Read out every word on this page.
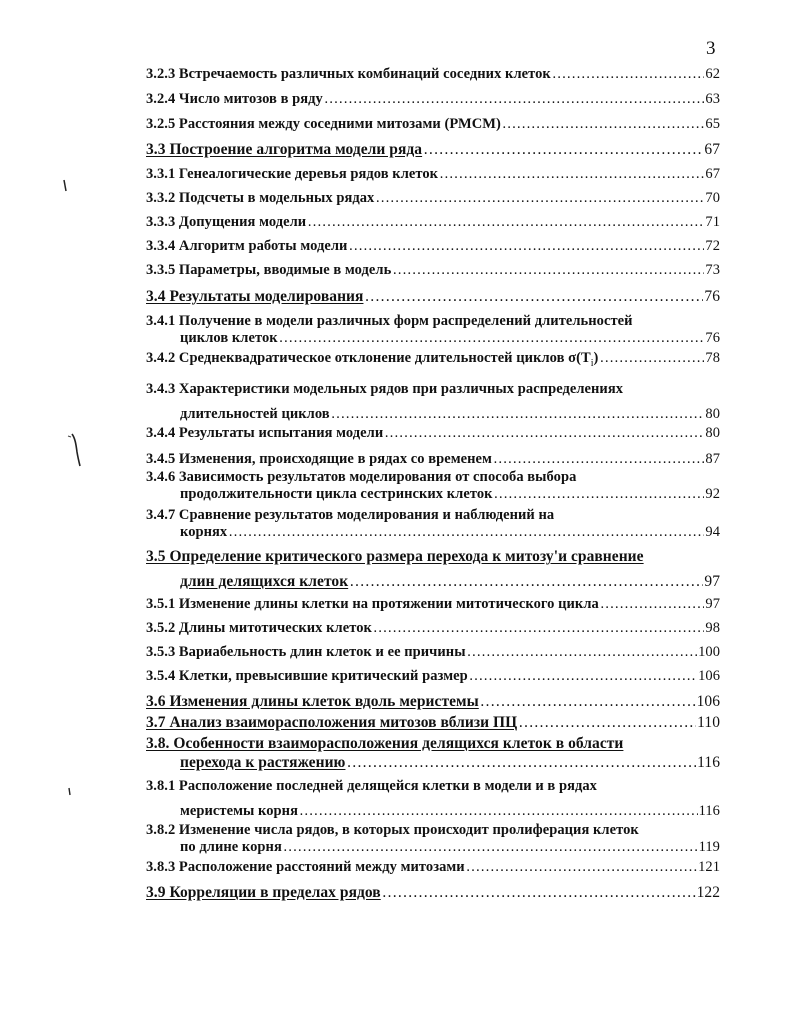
3
3.2.3 Встречаемость различных комбинаций соседних клеток ……………………………………………………………………………………………………………………………………………………………………………	62
3.2.4 Число митозов в ряду ……………………………………………………………………………………………………………………………………………………………………………	63
3.2.5 Расстояния между соседними митозами (РМСМ) ……………………………………………………………………………………………………………………………………………………………………………	65
3.3 Построение алгоритма модели ряда ……………………………………………………………………………………………………………………………………………………………………………	67
3.3.1 Генеалогические деревья рядов клеток ……………………………………………………………………………………………………………………………………………………………………………	67
3.3.2 Подсчеты в модельных рядах ……………………………………………………………………………………………………………………………………………………………………………	70
3.3.3 Допущения модели ……………………………………………………………………………………………………………………………………………………………………………	71
3.3.4 Алгоритм работы модели ……………………………………………………………………………………………………………………………………………………………………………	72
3.3.5 Параметры, вводимые в модель ……………………………………………………………………………………………………………………………………………………………………………	73
3.4 Результаты моделирования ……………………………………………………………………………………………………………………………………………………………………………	76
3.4.1 Получение в модели различных форм распределений длительностей
циклов клеток ……………………………………………………………………………………………………………………………………………………………………………	76
3.4.2 Среднеквадратическое отклонение длительностей циклов $\sigma(T_i)$ ……………………………………………………………………………………………………………………………………………………………………………	78
3.4.3 Характеристики модельных рядов при различных распределениях
длительностей циклов ……………………………………………………………………………………………………………………………………………………………………………	80
3.4.4 Результаты испытания модели ……………………………………………………………………………………………………………………………………………………………………………	80
3.4.5 Изменения, происходящие в рядах со временем ……………………………………………………………………………………………………………………………………………………………………………	87
3.4.6 Зависимость результатов моделирования от способа выбора
продолжительности цикла сестринских клеток ……………………………………………………………………………………………………………………………………………………………………………	92
3.4.7 Сравнение результатов моделирования и наблюдений на
корнях ……………………………………………………………………………………………………………………………………………………………………………	94
3.5 Определение критического размера перехода к митозу'и сравнение
длин делящихся клеток ……………………………………………………………………………………………………………………………………………………………………………	97
3.5.1 Изменение длины клетки на протяжении митотического цикла ……………………………………………………………………………………………………………………………………………………………………………	97
3.5.2 Длины митотических клеток ……………………………………………………………………………………………………………………………………………………………………………	98
3.5.3 Вариабельность длин клеток и ее причины ……………………………………………………………………………………………………………………………………………………………………………	100
3.5.4 Клетки, превысившие критический размер ……………………………………………………………………………………………………………………………………………………………………………	106
3.6 Изменения длины клеток вдоль меристемы ……………………………………………………………………………………………………………………………………………………………………………	106
3.7 Анализ взаиморасположения митозов вблизи ПЦ ……………………………………………………………………………………………………………………………………………………………………………	110
3.8. Особенности взаиморасположения делящихся клеток в области
перехода к растяжению ……………………………………………………………………………………………………………………………………………………………………………	116
3.8.1 Расположение последней делящейся клетки в модели и в рядах
меристемы корня ……………………………………………………………………………………………………………………………………………………………………………	116
3.8.2 Изменение числа рядов, в которых происходит пролиферация клеток
по длине корня ……………………………………………………………………………………………………………………………………………………………………………	119
3.8.3 Расположение расстояний между митозами ……………………………………………………………………………………………………………………………………………………………………………	121
3.9 Корреляции в пределах рядов ……………………………………………………………………………………………………………………………………………………………………………	122
